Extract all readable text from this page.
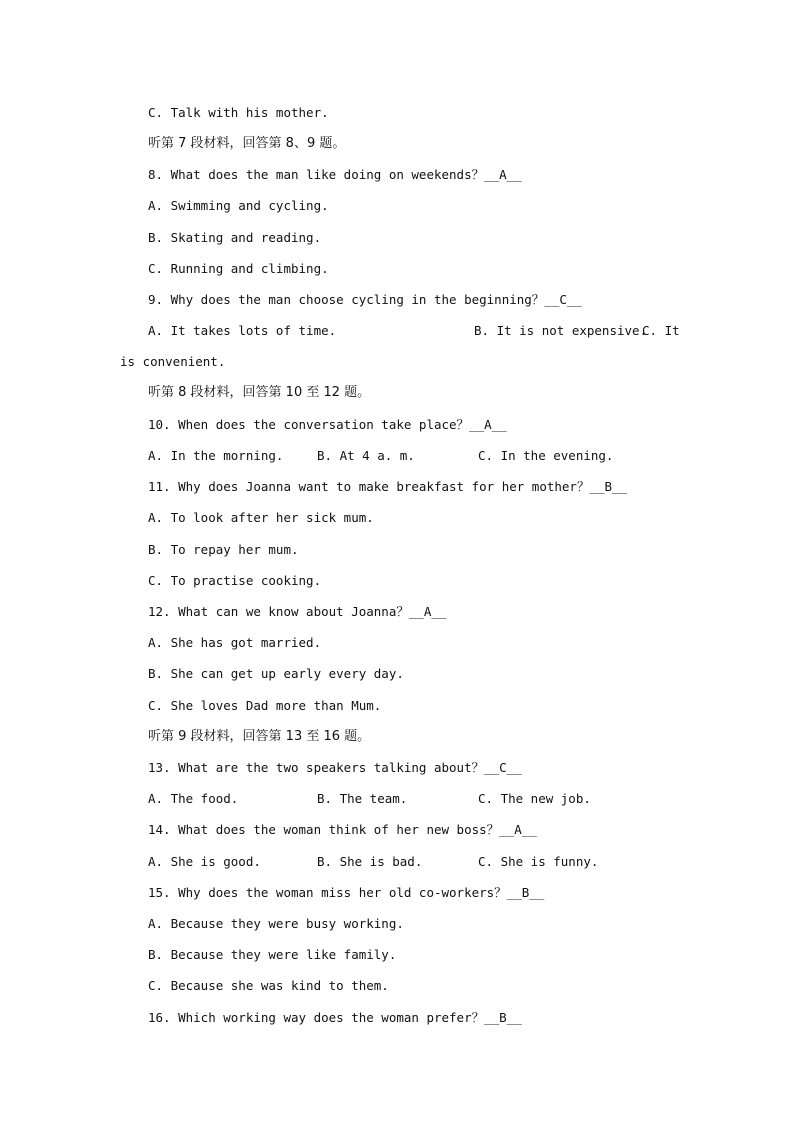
C. Talk with his mother.
听第 7 段材料，回答第 8、9 题。
8. What does the man like doing on weekends？__A__
A. Swimming and cycling.
B. Skating and reading.
C. Running and climbing.
9. Why does the man choose cycling in the beginning？__C__
A. It takes lots of time.	B. It is not expensive.
C. It
is convenient.
听第 8 段材料，回答第 10 至 12 题。
10. When does the conversation take place？__A__
A. In the morning.	B. At 4 a. m.	C. In the evening.
11. Why does Joanna want to make breakfast for her mother？__B__
A. To look after her sick mum.
B. To repay her mum.
C. To practise cooking.
12. What can we know about Joanna？__A__
A. She has got married.
B. She can get up early every day.
C. She loves Dad more than Mum.
听第 9 段材料，回答第 13 至 16 题。
13. What are the two speakers talking about？__C__
A. The food.	B. The team.	C. The new job.
14. What does the woman think of her new boss？__A__
A. She is good.	B. She is bad.	C. She is funny.
15. Why does the woman miss her old co-workers？__B__
A. Because they were busy working.
B. Because they were like family.
C. Because she was kind to them.
16. Which working way does the woman prefer？__B__
